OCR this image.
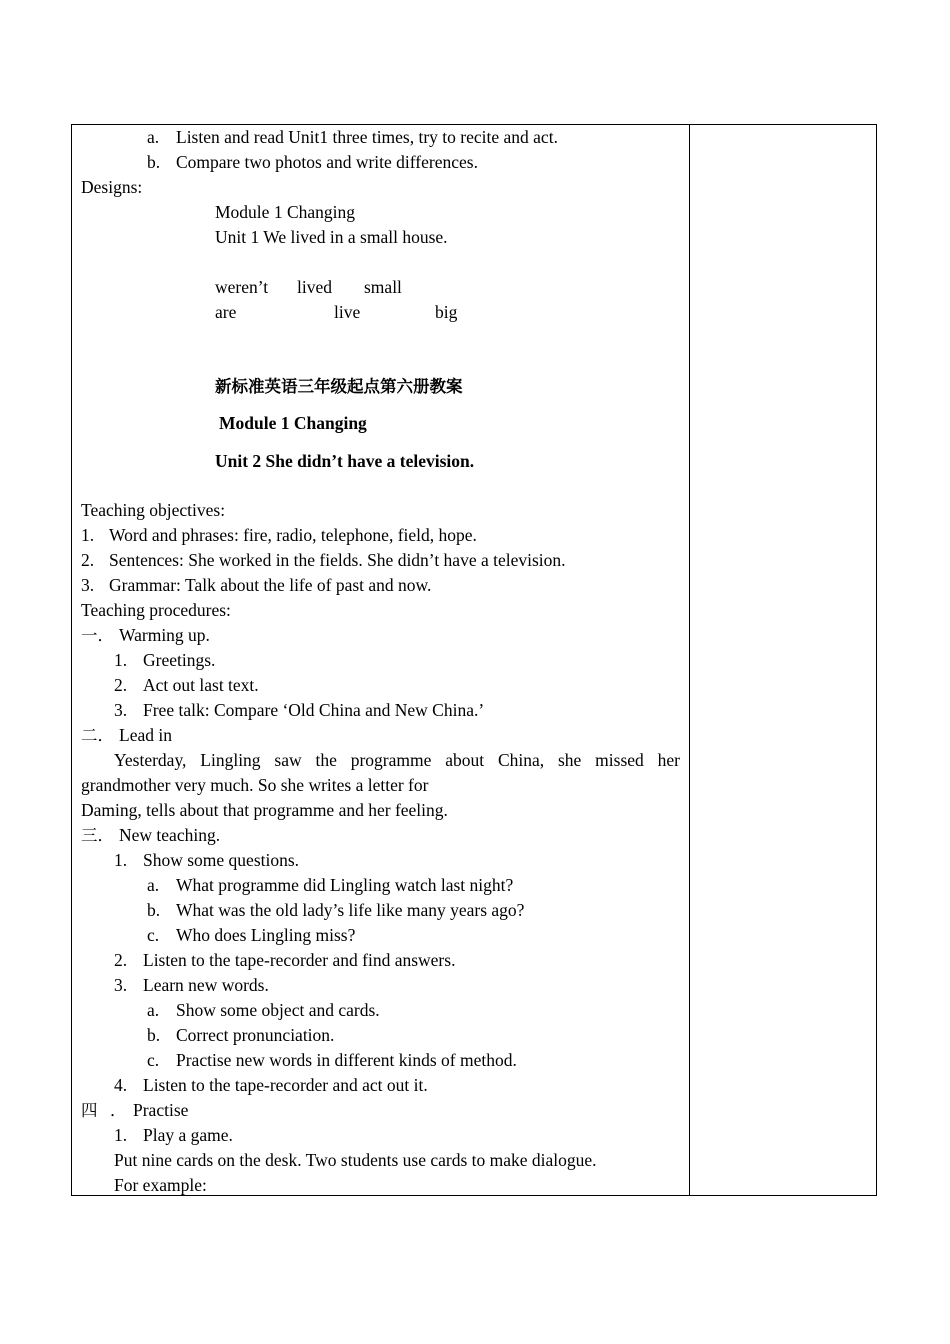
a. Listen and read Unit1 three times, try to recite and act.
b. Compare two photos and write differences.
Designs:
Module 1 Changing
Unit 1 We lived in a small house.
weren’t lived small
are	live	big
新标准英语三年级起点第六册教案
Module 1 Changing
Unit 2 She didn’t have a television.
Teaching objectives:
1. Word and phrases: fire, radio, telephone, field, hope.
2. Sentences: She worked in the fields. She didn’t have a television.
3. Grammar: Talk about the life of past and now.
Teaching procedures:
一． Warming up.
1. Greetings.
2. Act out last text.
3. Free talk: Compare ‘Old China and New China.’
二． Lead in
Yesterday, Lingling saw the programme about China, she missed her
grandmother very much. So she writes a letter for
Daming, tells about that programme and her feeling.
三． New teaching.
1. Show some questions.
a. What programme did Lingling watch last night?
b. What was the old lady’s life like many years ago?
c. Who does Lingling miss?
2. Listen to the tape-recorder and find answers.
3. Learn new words.
a. Show some object and cards.
b. Correct pronunciation.
c. Practise new words in different kinds of method.
4. Listen to the tape-recorder and act out it.
四 ． Practise
1. Play a game.
Put nine cards on the desk. Two students use cards to make dialogue.
For example:
